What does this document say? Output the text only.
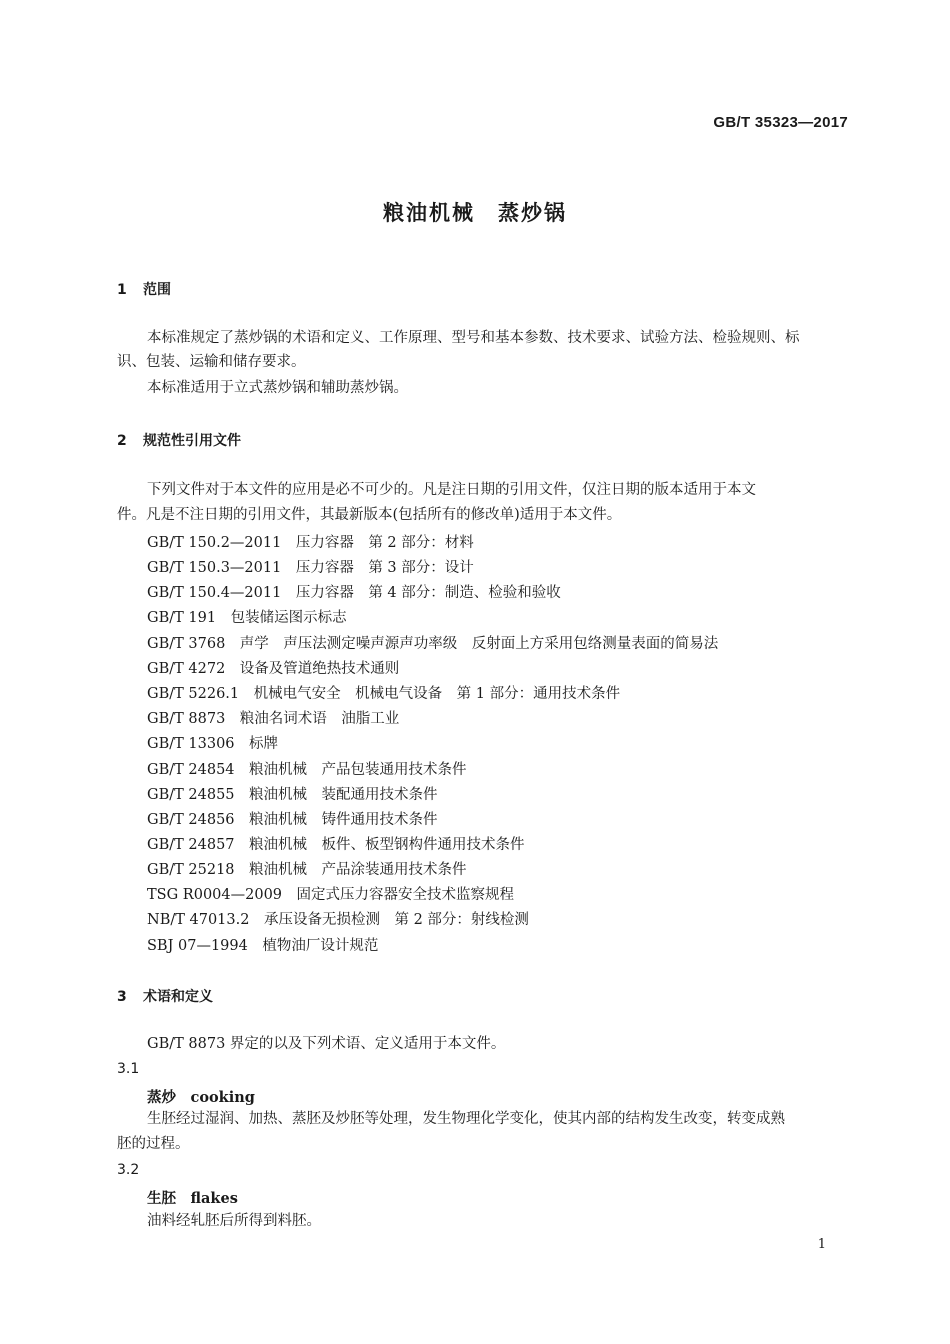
GB/T 35323—2017
粮油机械　蒸炒锅
1 范围
本标准规定了蒸炒锅的术语和定义、工作原理、型号和基本参数、技术要求、试验方法、检验规则、标
识、包装、运输和储存要求。
本标准适用于立式蒸炒锅和辅助蒸炒锅。
2 规范性引用文件
下列文件对于本文件的应用是必不可少的。凡是注日期的引用文件，仅注日期的版本适用于本文
件。凡是不注日期的引用文件，其最新版本(包括所有的修改单)适用于本文件。
GB/T 150.2—2011　压力容器　第 2 部分：材料
GB/T 150.3—2011　压力容器　第 3 部分：设计
GB/T 150.4—2011　压力容器　第 4 部分：制造、检验和验收
GB/T 191　包装储运图示标志
GB/T 3768　声学　声压法测定噪声源声功率级　反射面上方采用包络测量表面的简易法
GB/T 4272　设备及管道绝热技术通则
GB/T 5226.1　机械电气安全　机械电气设备　第 1 部分：通用技术条件
GB/T 8873　粮油名词术语　油脂工业
GB/T 13306　标牌
GB/T 24854　粮油机械　产品包装通用技术条件
GB/T 24855　粮油机械　装配通用技术条件
GB/T 24856　粮油机械　铸件通用技术条件
GB/T 24857　粮油机械　板件、板型钢构件通用技术条件
GB/T 25218　粮油机械　产品涂装通用技术条件
TSG R0004—2009　固定式压力容器安全技术监察规程
NB/T 47013.2　承压设备无损检测　第 2 部分：射线检测
SBJ 07—1994　植物油厂设计规范
3 术语和定义
GB/T 8873 界定的以及下列术语、定义适用于本文件。
3.1
蒸炒　cooking
生胚经过湿润、加热、蒸胚及炒胚等处理，发生物理化学变化，使其内部的结构发生改变，转变成熟
胚的过程。
3.2
生胚　flakes
油料经轧胚后所得到料胚。
1
